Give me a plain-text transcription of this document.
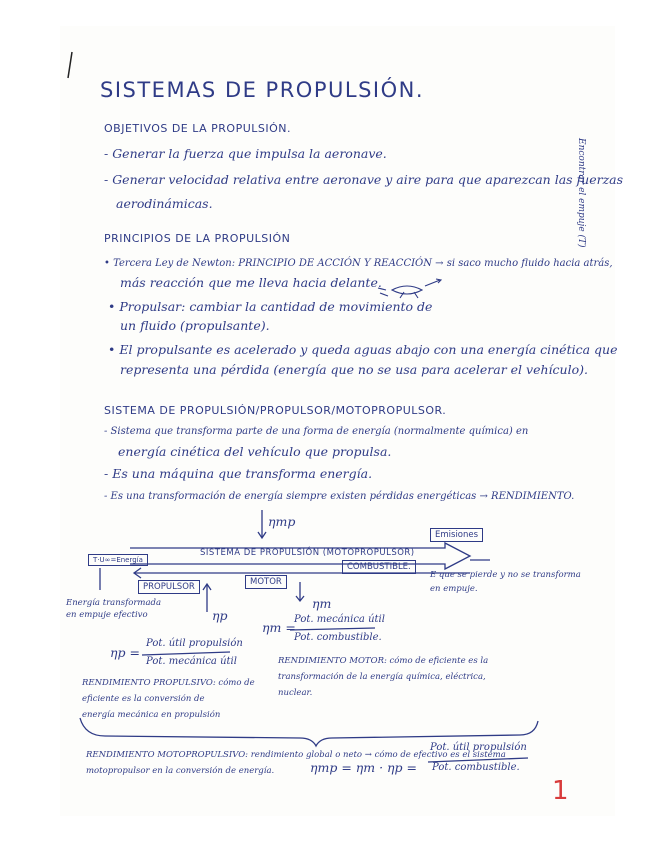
SISTEMAS DE PROPULSIÓN.
OBJETIVOS DE LA PROPULSIÓN.
- Generar la fuerza que impulsa la aeronave.
- Generar velocidad relativa entre aeronave y aire para que aparezcan las fuerzas
aerodinámicas.	Encontrar el empuje (T)
PRINCIPIOS DE LA PROPULSIÓN
• Tercera Ley de Newton: PRINCIPIO DE ACCIÓN Y REACCIÓN → si saco mucho fluido hacia atrás,
más reacción que me lleva hacia delante.
• Propulsar: cambiar la cantidad de movimiento de
un fluido (propulsante).
• El propulsante es acelerado y queda aguas abajo con una energía cinética que
representa una pérdida (energía que no se usa para acelerar el vehículo).
SISTEMA DE PROPULSIÓN/PROPULSOR/MOTOPROPULSOR.
- Sistema que transforma parte de una forma de energía (normalmente química) en
energía cinética del vehículo que propulsa.
- Es una máquina que transforma energía.
- Es una transformación de energía siempre existen pérdidas energéticas → RENDIMIENTO.
ηmp
SISTEMA DE PROPULSIÓN (MOTOPROPULSOR)
Emisiones
T·U∞=Energía
PROPULSOR	MOTOR
COMBUSTIBLE.
E que se pierde y no se transforma
en empuje.
Energía transformada
en empuje efectivo	ηp
ηm
ηp =
Pot. útil propulsión
Pot. mecánica útil
ηm =
Pot. mecánica útil
Pot. combustible.
RENDIMIENTO PROPULSIVO: cómo de
eficiente es la conversión de
energía mecánica en propulsión
RENDIMIENTO MOTOR: cómo de eficiente es la
transformación de la energía química, eléctrica,
nuclear.
RENDIMIENTO MOTOPROPULSIVO: rendimiento global o neto → cómo de efectivo es el sistema
motopropulsor en la conversión de energía.	ηmp = ηm · ηp =
Pot. útil propulsión
Pot. combustible.
1
